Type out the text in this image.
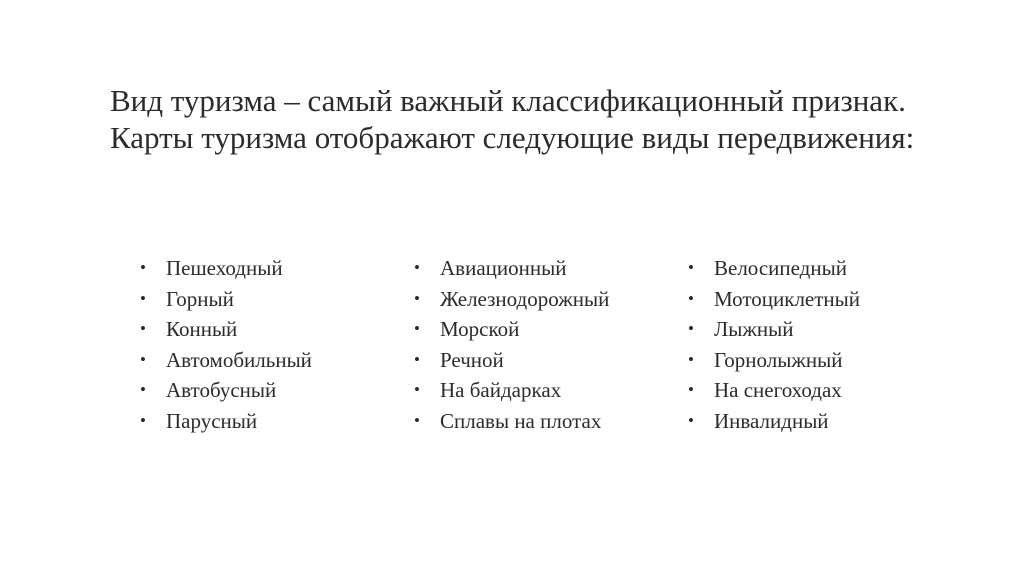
Вид туризма – самый важный классификационный признак. Карты туризма отображают следующие виды передвижения:

• Пешеходный
• Горный
• Конный
• Автомобильный
• Автобусный
• Парусный
• Авиационный
• Железнодорожный
• Морской
• Речной
• На байдарках
• Сплавы на плотах
• Велосипедный
• Мотоциклетный
• Лыжный
• Горнолыжный
• На снегоходах
• Инвалидный
